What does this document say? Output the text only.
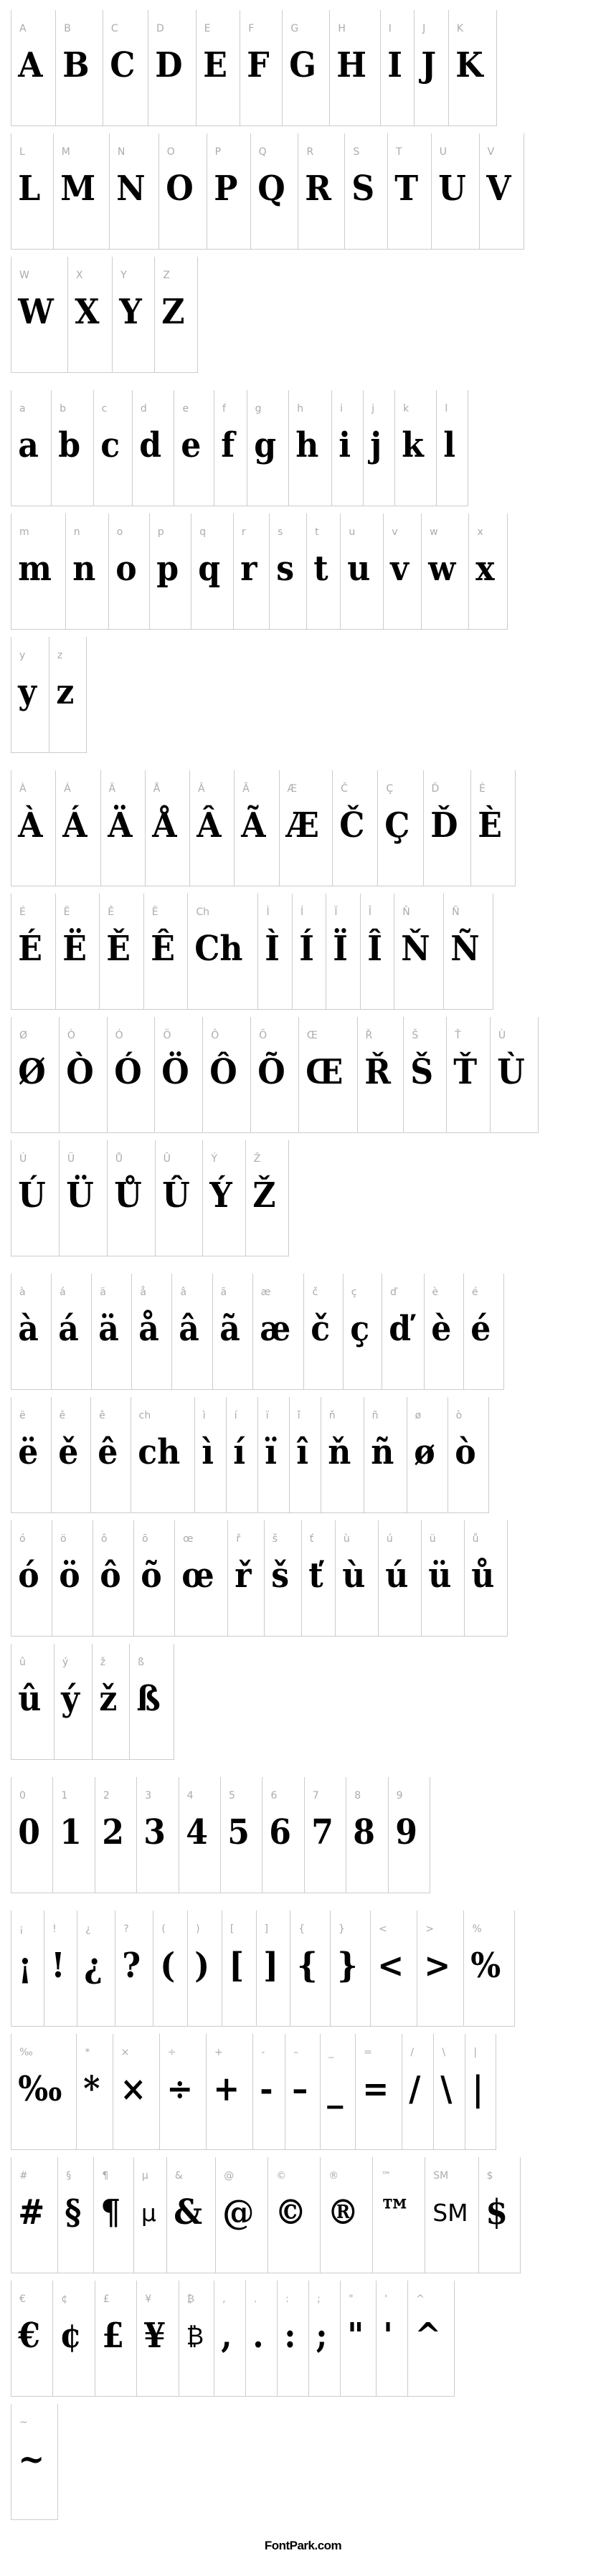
A
A
B
B
C
C
D
D
E
E
F
F
G
G
H
H
I
I
J
J
K
K
L
L
M
M
N
N
O
O
P
P
Q
Q
R
R
S
S
T
T
U
U
V
V
W
W
X
X
Y
Y
Z
Z
a
a
b
b
c
c
d
d
e
e
f
f
g
g
h
h
i
i
j
j
k
k
l
l
m
m
n
n
o
o
p
p
q
q
r
r
s
s
t
t
u
u
v
v
w
w
x
x
y
y
z
z
À
À
Á
Á
Ä
Ä
Å
Å
Â
Â
Ã
Ã
Æ
Æ
Č
Č
Ç
Ç
Ď
Ď
È
È
É
É
Ë
Ë
Ě
Ě
Ê
Ê
Ch
Ch
Ì
Ì
Í
Í
Ï
Ï
Î
Î
Ň
Ň
Ñ
Ñ
Ø
Ø
Ò
Ò
Ó
Ó
Ö
Ö
Ô
Ô
Õ
Õ
Œ
Œ
Ř
Ř
Š
Š
Ť
Ť
Ù
Ù
Ú
Ú
Ü
Ü
Ů
Ů
Û
Û
Ý
Ý
Ž
Ž
à
à
á
á
ä
ä
å
å
â
â
ã
ã
æ
æ
č
č
ç
ç
ď
ď
è
è
é
é
ë
ë
ě
ě
ê
ê
ch
ch
ì
ì
í
í
ï
ï
î
î
ň
ň
ñ
ñ
ø
ø
ò
ò
ó
ó
ö
ö
ô
ô
õ
õ
œ
œ
ř
ř
š
š
ť
ť
ù
ù
ú
ú
ü
ü
ů
ů
û
û
ý
ý
ž
ž
ß
ß
0
0
1
1
2
2
3
3
4
4
5
5
6
6
7
7
8
8
9
9
¡
¡
!
!
¿
¿
?
?
(
(
)
)
[
[
]
]
{
{
}
}
<
<
>
>
%
%
‰
‰
*
*
×
×
÷
÷
+
+
-
-
–
–
_
_
=
=
/
/
\
\
|
|
#
#
§
§
¶
¶
µ
µ
&
&
@
@
©
©
®
®
™
™
SM
SM
$
$
€
€
¢
¢
£
£
¥
¥
₿
₿
,
,
.
.
:
:
;
;
"
"
'
'
^
^
~
~
FontPark.com
